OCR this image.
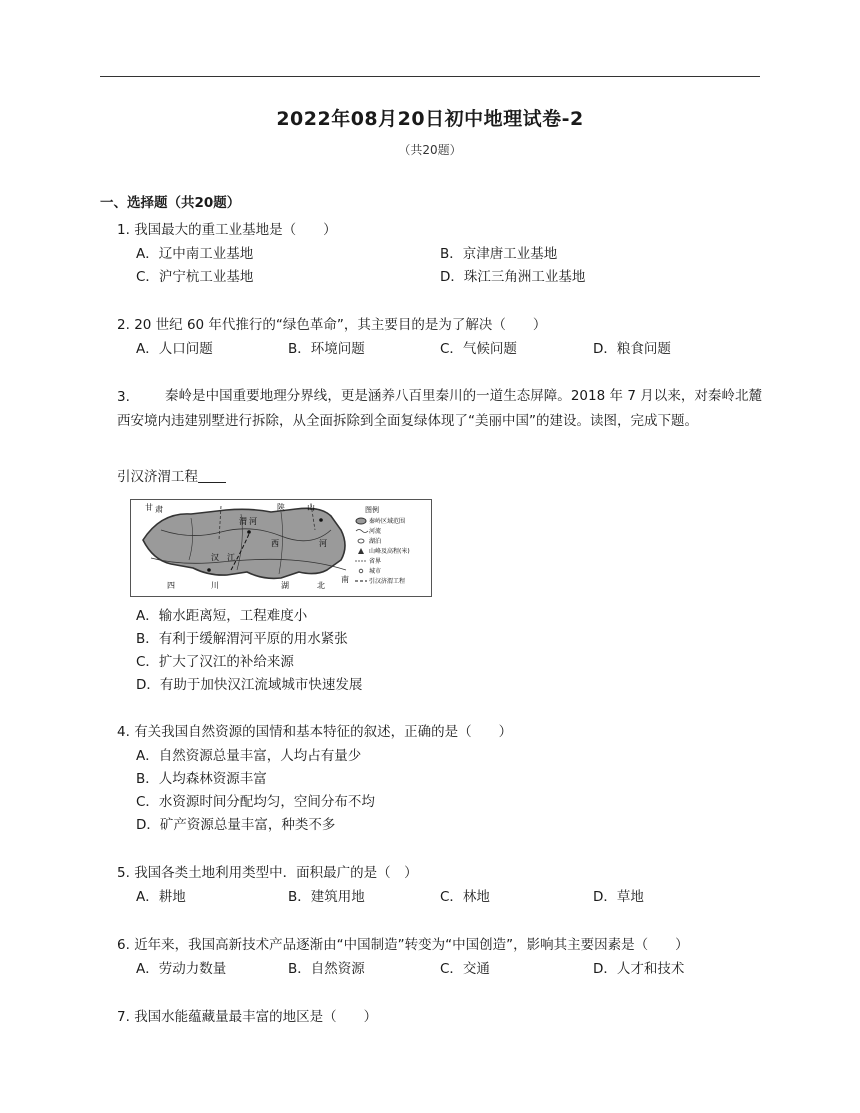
2022年08月20日初中地理试卷-2
（共20题）
一、选择题（共20题）
1. 我国最大的重工业基地是（　　）
A．辽中南工业基地	B．京津唐工业基地
C．沪宁杭工业基地	D．珠江三角洲工业基地
2. 20 世纪 60 年代推行的“绿色革命”，其主要目的是为了解决（　　）
A．人口问题	B．环境问题	C．气候问题	D．粮食问题
3.	秦岭是中国重要地理分界线，更是涵养八百里秦川的一道生态屏障。2018 年 7 月以来，对秦岭北麓西安境内违建别墅进行拆除，从全面拆除到全面复绿体现了“美丽中国”的建设。读图，完成下题。
引汉济渭工程
甘 肃
渭 河
陕
西
山
汉 江
四	川	湖	北
南
河
图例
秦岭区域范围
河流
湖泊
山峰及高程(米)
省界
城市
引汉济渭工程
A．输水距离短，工程难度小
B．有利于缓解渭河平原的用水紧张
C．扩大了汉江的补给来源
D．有助于加快汉江流域城市快速发展
4. 有关我国自然资源的国情和基本特征的叙述，正确的是（　　）
A．自然资源总量丰富，人均占有量少
B．人均森林资源丰富
C．水资源时间分配均匀，空间分布不均
D．矿产资源总量丰富，种类不多
5. 我国各类土地利用类型中．面积最广的是（　）
A．耕地	B．建筑用地	C．林地	D．草地
6. 近年来，我国高新技术产品逐渐由“中国制造”转变为“中国创造”，影响其主要因素是（　　）
A．劳动力数量	B．自然资源	C．交通	D．人才和技术
7. 我国水能蕴藏量最丰富的地区是（　　）
